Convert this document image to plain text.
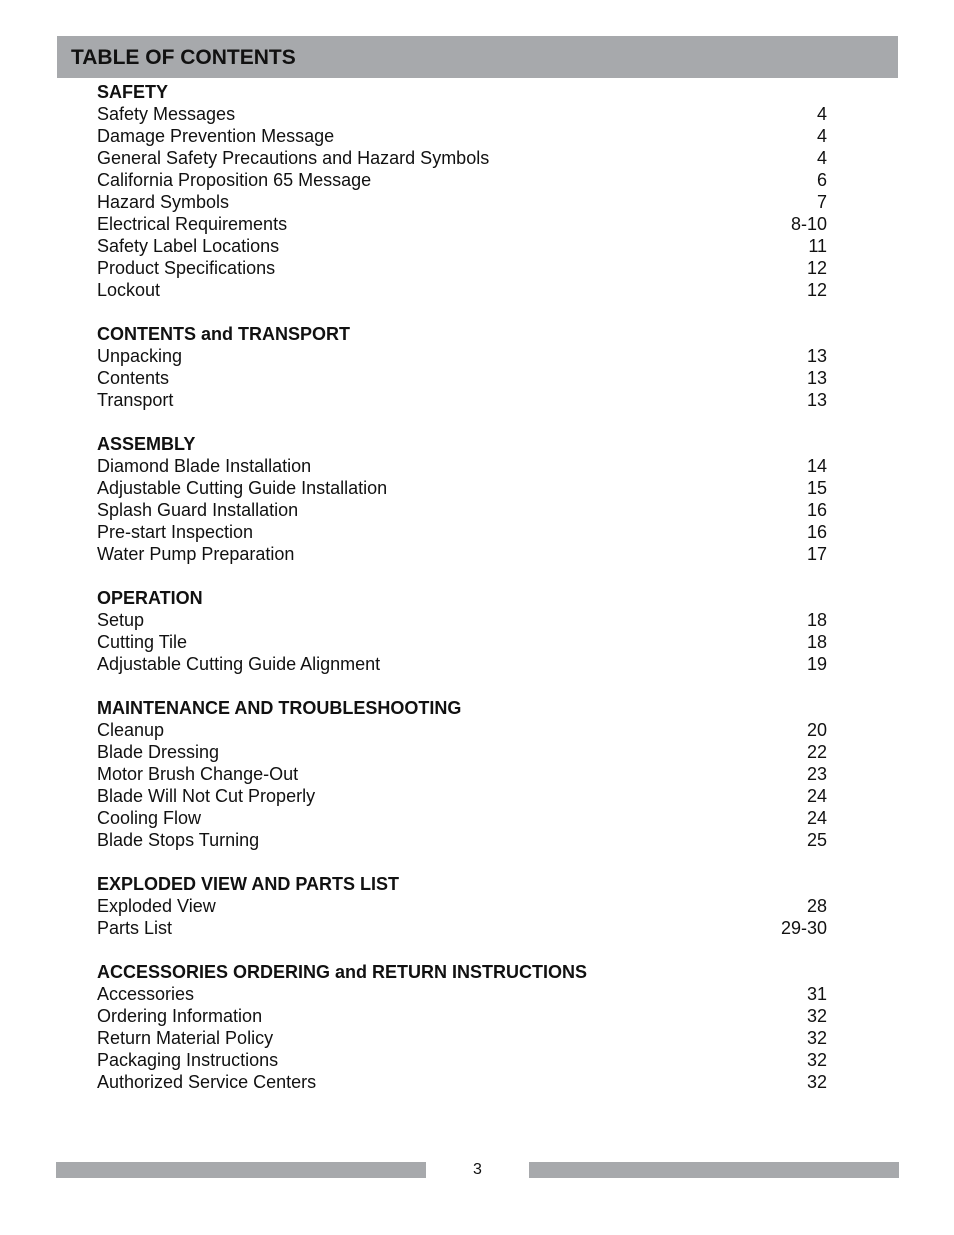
TABLE OF CONTENTS
SAFETY
Safety Messages	4
Damage Prevention Message	4
General Safety Precautions and Hazard Symbols	4
California Proposition 65 Message	6
Hazard Symbols	7
Electrical Requirements	8-10
Safety Label Locations	11
Product Specifications	12
Lockout	12
CONTENTS and TRANSPORT
Unpacking	13
Contents	13
Transport	13
ASSEMBLY
Diamond Blade Installation	14
Adjustable Cutting Guide Installation	15
Splash Guard Installation	16
Pre-start Inspection	16
Water Pump Preparation	17
OPERATION
Setup	18
Cutting Tile	18
Adjustable Cutting Guide Alignment	19
MAINTENANCE AND TROUBLESHOOTING
Cleanup	20
Blade Dressing	22
Motor Brush Change-Out	23
Blade Will Not Cut Properly	24
Cooling Flow	24
Blade Stops Turning	25
EXPLODED VIEW AND PARTS LIST
Exploded View	28
Parts List	29-30
ACCESSORIES ORDERING and RETURN INSTRUCTIONS
Accessories	31
Ordering Information	32
Return Material Policy	32
Packaging Instructions	32
Authorized Service Centers	32
3
